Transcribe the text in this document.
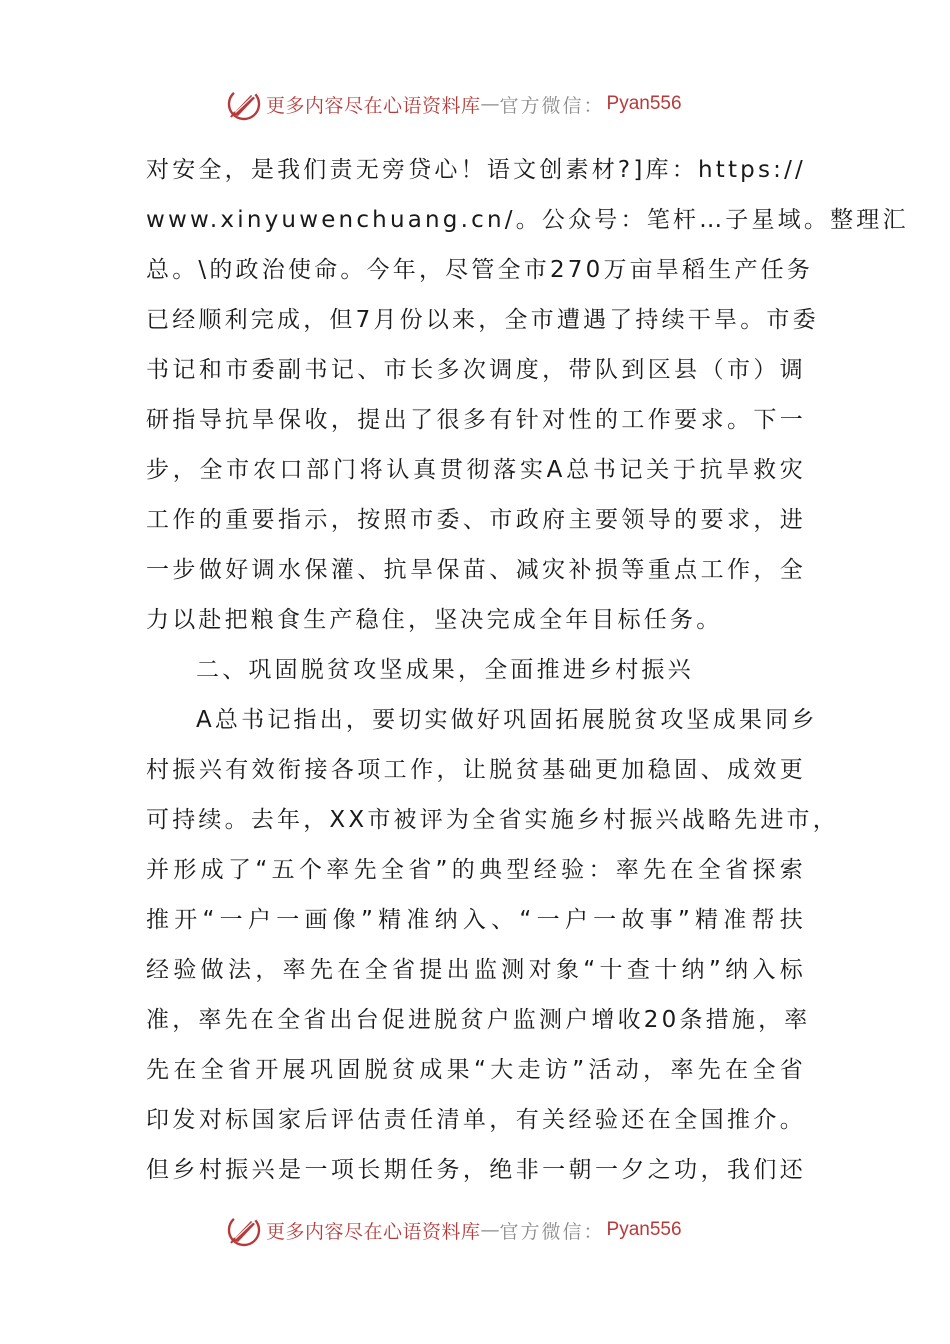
更多内容尽在心语资料库 — 官方微信： Pyan556
对安全，是我们责无旁贷心！语文创素材?]库：https://
www.xinyuwenchuang.cn/。公众号：笔杆…子星域。整理汇
总。\的政治使命。今年，尽管全市270万亩旱稻生产任务
已经顺利完成，但7月份以来，全市遭遇了持续干旱。市委
书记和市委副书记、市长多次调度，带队到区县（市）调
研指导抗旱保收，提出了很多有针对性的工作要求。下一
步，全市农口部门将认真贯彻落实A总书记关于抗旱救灾
工作的重要指示，按照市委、市政府主要领导的要求，进
一步做好调水保灌、抗旱保苗、减灾补损等重点工作，全
力以赴把粮食生产稳住，坚决完成全年目标任务。
二、巩固脱贫攻坚成果，全面推进乡村振兴
A总书记指出，要切实做好巩固拓展脱贫攻坚成果同乡
村振兴有效衔接各项工作，让脱贫基础更加稳固、成效更
可持续。去年，XX市被评为全省实施乡村振兴战略先进市，
并形成了“五个率先全省”的典型经验：率先在全省探索
推开“一户一画像”精准纳入、“一户一故事”精准帮扶
经验做法，率先在全省提出监测对象“十查十纳”纳入标
准，率先在全省出台促进脱贫户监测户增收20条措施，率
先在全省开展巩固脱贫成果“大走访”活动，率先在全省
印发对标国家后评估责任清单，有关经验还在全国推介。
但乡村振兴是一项长期任务，绝非一朝一夕之功，我们还
更多内容尽在心语资料库 — 官方微信： Pyan556
